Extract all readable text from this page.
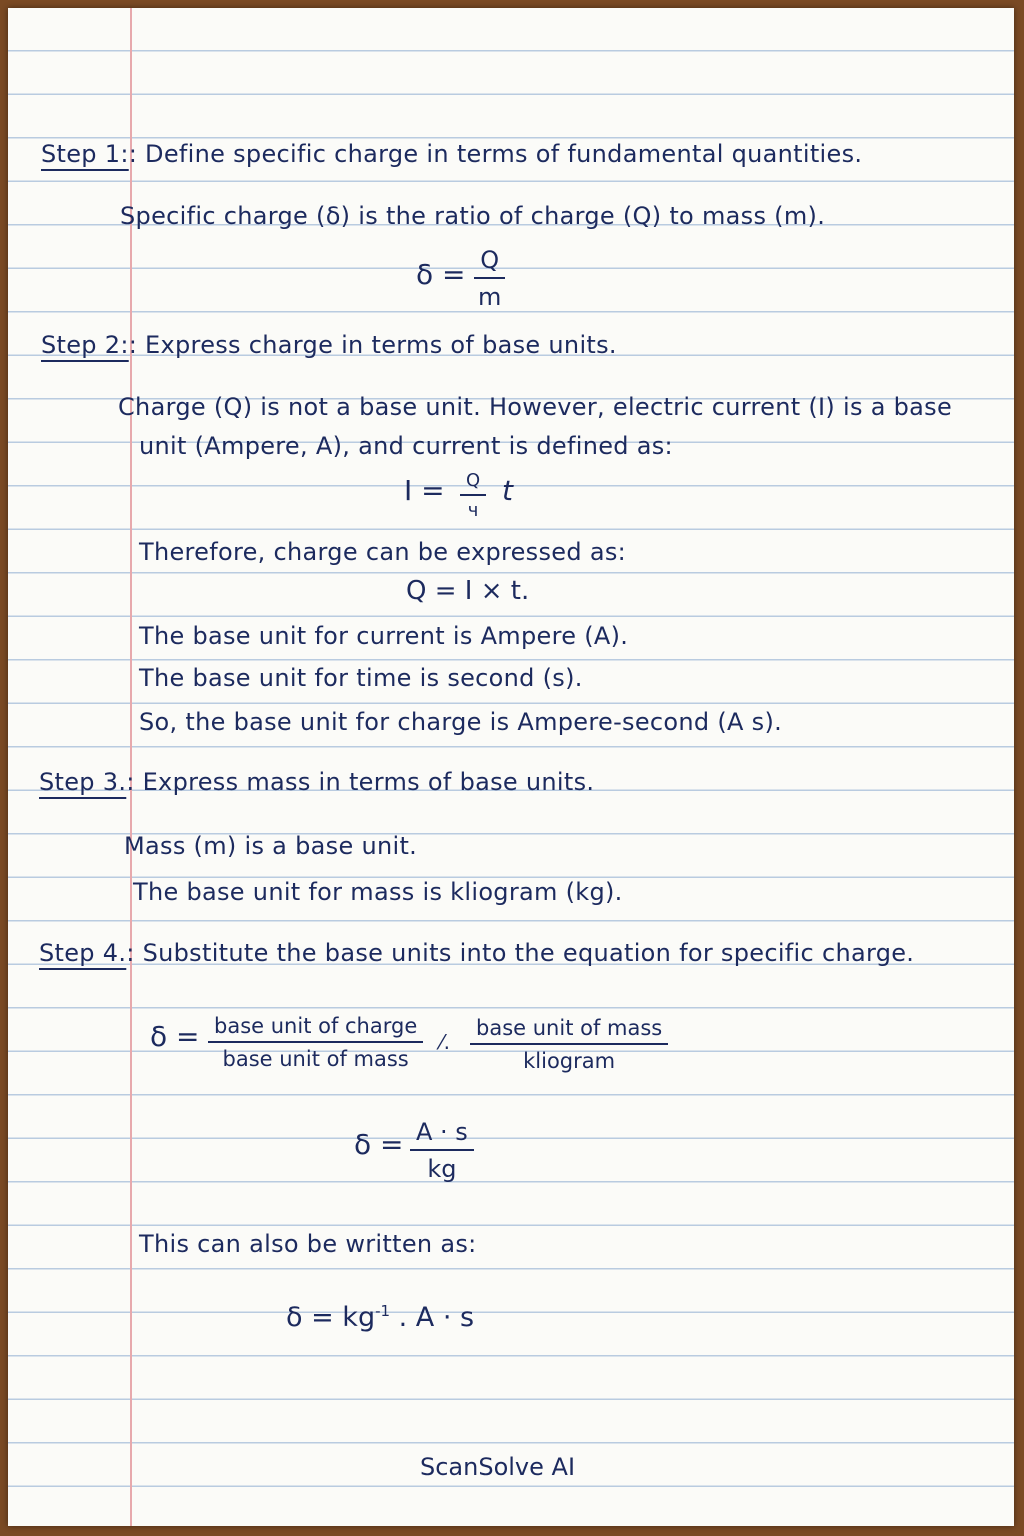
Step 1:: Define specific charge in terms of fundamental quantities.
Specific charge (δ) is the ratio of charge (Q) to mass (m).
$\delta = \frac{Q}{m}$
Step 2:: Express charge in terms of base units.
Charge (Q) is not a base unit. However, electric current (I) is a base
unit (Ampere, A), and current is defined as:
I =	Q
ч
t
Therefore, charge can be expressed as:
Q = I × t.
The base unit for current is Ampere (A).
The base unit for time is second (s).
So, the base unit for charge is Ampere-second (A s).
Step 3.: Express mass in terms of base units.
Mass (m) is a base unit.
The base unit for mass is kliogram (kg).
Step 4.: Substitute the base units into the equation for specific charge.
δ = base unit of charge
base unit of mass
⁄.
base unit of mass
kliogram
$\delta = \frac{A \cdot s}{kg}$
This can also be written as:
$\delta = kg^{-1}$ . A · s
ScanSolve AI
